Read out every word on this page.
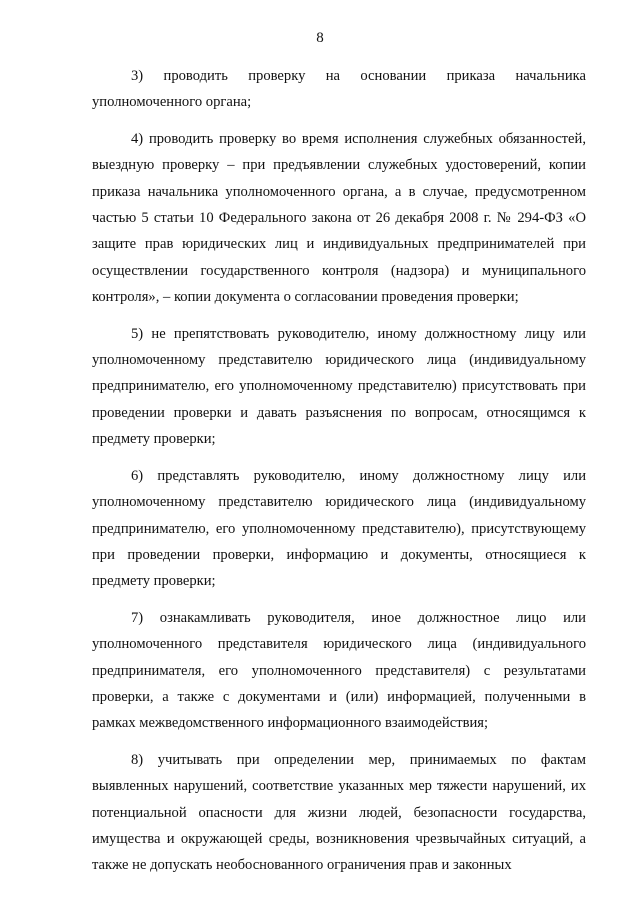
8

3) проводить проверку на основании приказа начальника уполномоченного органа;

4) проводить проверку во время исполнения служебных обязанностей, выездную проверку – при предъявлении служебных удостоверений, копии приказа начальника уполномоченного органа, а в случае, предусмотренном частью 5 статьи 10 Федерального закона от 26 декабря 2008 г. № 294-ФЗ «О защите прав юридических лиц и индивидуальных предпринимателей при осуществлении государственного контроля (надзора) и муниципального контроля», – копии документа о согласовании проведения проверки;

5) не препятствовать руководителю, иному должностному лицу или уполномоченному представителю юридического лица (индивидуальному предпринимателю, его уполномоченному представителю) присутствовать при проведении проверки и давать разъяснения по вопросам, относящимся к предмету проверки;

6) представлять руководителю, иному должностному лицу или уполномоченному представителю юридического лица (индивидуальному предпринимателю, его уполномоченному представителю), присутствующему при проведении проверки, информацию и документы, относящиеся к предмету проверки;

7) ознакамливать руководителя, иное должностное лицо или уполномоченного представителя юридического лица (индивидуального предпринимателя, его уполномоченного представителя) с результатами проверки, а также с документами и (или) информацией, полученными в рамках межведомственного информационного взаимодействия;

8) учитывать при определении мер, принимаемых по фактам выявленных нарушений, соответствие указанных мер тяжести нарушений, их потенциальной опасности для жизни людей, безопасности государства, имущества и окружающей среды, возникновения чрезвычайных ситуаций, а также не допускать необоснованного ограничения прав и законных
